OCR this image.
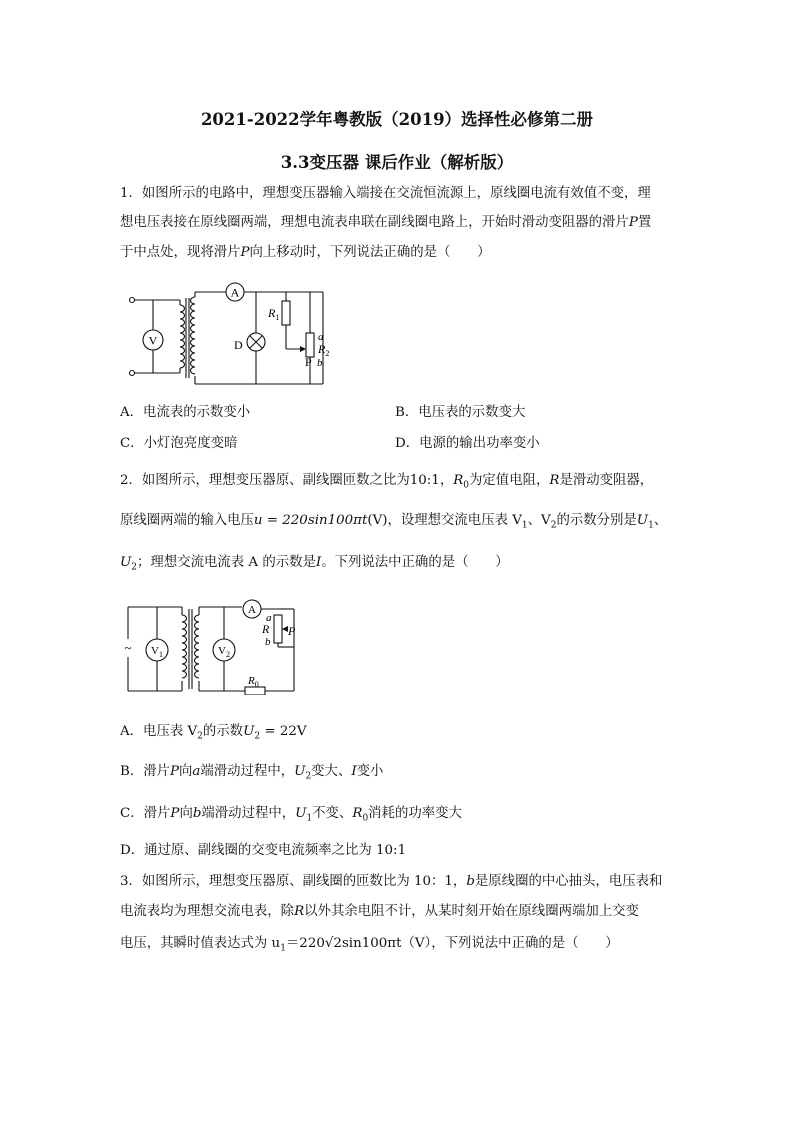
2021-2022学年粤教版（2019）选择性必修第二册
3.3变压器 课后作业（解析版）
1．如图所示的电路中，理想变压器输入端接在交流恒流源上，原线圈电流有效值不变，理
想电压表接在原线圈两端，理想电流表串联在副线圈电路上，开始时滑动变阻器的滑片P置
于中点处，现将滑片P向上移动时，下列说法正确的是（　　）
V
A
D
$R_1$
a
$R_2$
b
P
A．电流表的示数变小	B．电压表的示数变大
C．小灯泡亮度变暗	D．电源的输出功率变小
2．如图所示，理想变压器原、副线圈匝数之比为10:1，$R_0$为定值电阻，R是滑动变阻器，
原线圈两端的输入电压u = 220sin100πt(V)，设理想交流电压表 $V_1$、$V_2$的示数分别是$U_1$、
$U_2$；理想交流电流表 A 的示数是I。下列说法中正确的是（　　）
~ $V_1$	$V_2$
A
a
R
b
P
$R_0$
A．电压表 $V_2$的示数$U_2 = 22V$
B．滑片P向a端滑动过程中，$U_2$变大、I变小
C．滑片P向b端滑动过程中，$U_1$不变、$R_0$消耗的功率变大
D．通过原、副线圈的交变电流频率之比为 10:1
3．如图所示，理想变压器原、副线圈的匝数比为 10：1，b是原线圈的中心抽头，电压表和
电流表均为理想交流电表，除R以外其余电阻不计，从某时刻开始在原线圈两端加上交变
电压，其瞬时值表达式为 $u_1=220√2\sin 100\pi t(V)$，下列说法中正确的是（　　）
